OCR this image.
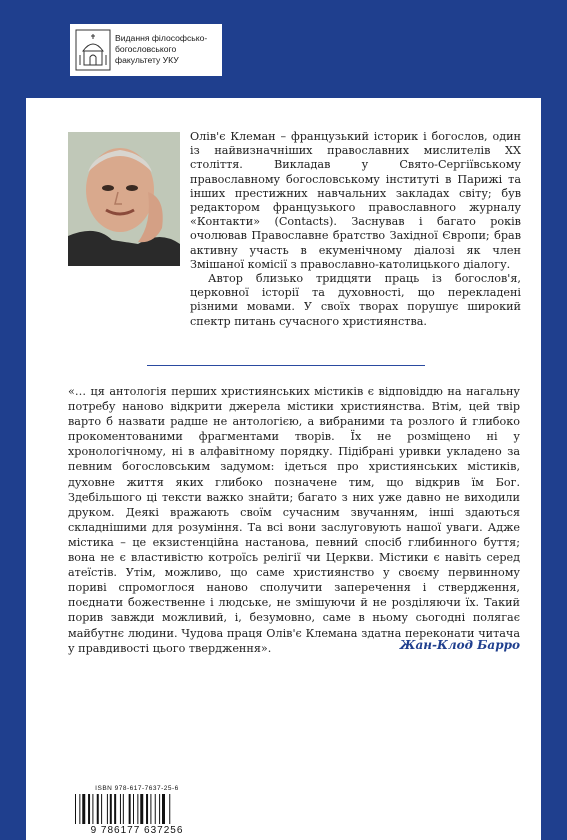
Видання філософсько-богословського факультету УКУ

Олів'є Клеман – французький історик і богослов, один із найвизначніших православних мислителів XX століття. Викладав у Свято-Сергіївському православному богословському інституті в Парижі та інших престижних навчальних закладах світу; був редактором французького православного журналу «Контакти» (Contacts). Заснував і багато років очолював Православне братство Західної Європи; брав активну участь в екуменічному діалозі як член Змішаної комісії з православно-католицького діалогу.

Автор близько тридцяти праць із богослов'я, церковної історії та духовності, що перекладені різними мовами. У своїх творах порушує широкий спектр питань сучасного християнства.

«… ця антологія перших християнських містиків є відповіддю на нагальну потребу наново відкрити джерела містики християнства. Втім, цей твір варто б назвати радше не антологією, а вибраними та розлого й глибоко прокоментованими фрагментами творів. Їх не розміщено ні у хронологічному, ні в алфавітному порядку. Підібрані уривки укладено за певним богословським задумом: ідеться про християнських містиків, духовне життя яких глибоко позначене тим, що відкрив їм Бог. Здебільшого ці тексти важко знайти; багато з них уже давно не виходили друком. Деякі вражають своїм сучасним звучанням, інші здаються складнішими для розуміння. Та всі вони заслуговують нашої уваги. Адже містика – це екзистенційна настанова, певний спосіб глибинного буття; вона не є властивістю котроїсь релігії чи Церкви. Містики є навіть серед атеїстів. Утім, можливо, що саме християнство у своєму первинному пориві спромоглося наново сполучити заперечення і ствердження, поєднати божественне і людське, не змішуючи й не розділяючи їх. Такий порив завжди можливий, і, безумовно, саме в ньому сьогодні полягає майбутнє людини. Чудова праця Олів'є Клемана здатна переконати читача у правдивості цього твердження».	Жан-Клод Барро
ISBN 978-617-7637-25-6
9 786177 637256
